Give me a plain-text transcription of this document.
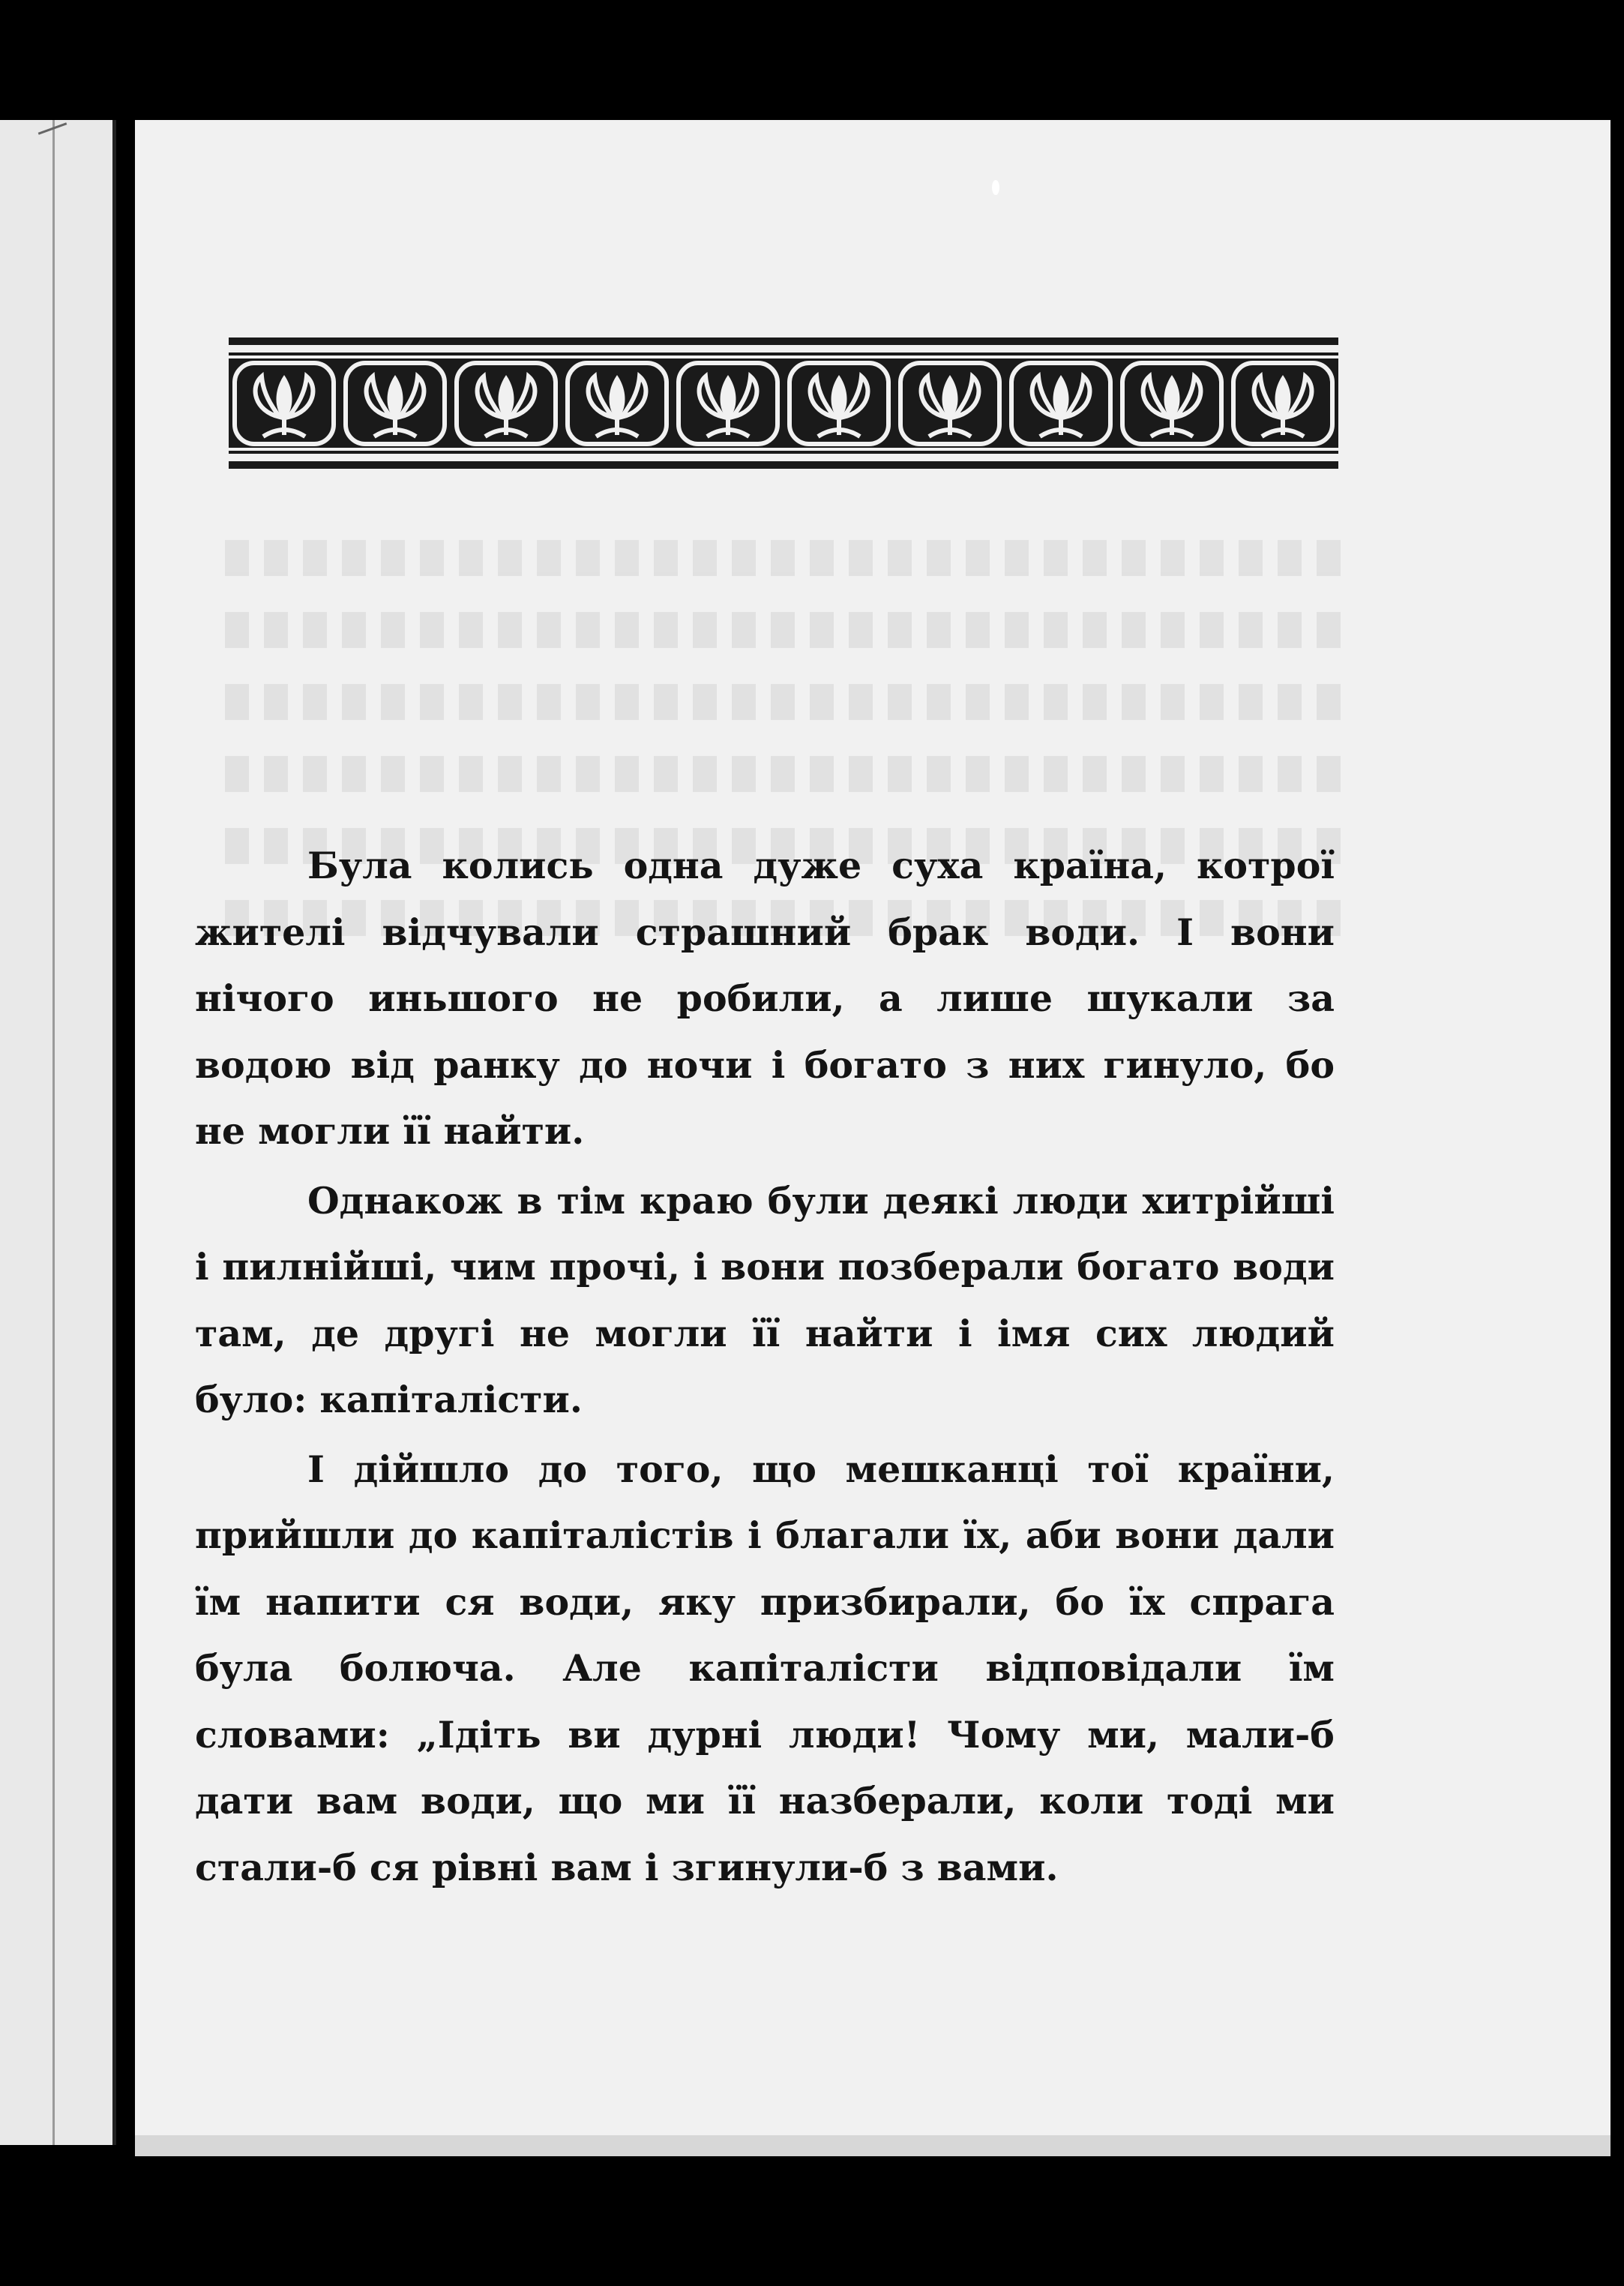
Була колись одна дуже суха країна, котрої жителі відчували страшний брак води. І вони нічого иньшого не робили, а лише шукали за водою від ранку до ночи і богато з них гинуло, бо не могли її найти.

Однакож в тім краю були деякі люди хитрійші і пилнійші, чим прочі, і вони позберали богато води там, де другі не могли її найти і імя сих людий було: капіталісти.

І дійшло до того, що мешканці тої країни, прийшли до капіталістів і благали їх, аби вони дали їм напити ся води, яку призбирали, бо їх спрага була болюча. Але капіталісти відповідали їм словами: „Ідіть ви дурні люди! Чому ми, мали-б дати вам води, що ми її назберали, коли тоді ми стали-б ся рівні вам і згинули-б з вами.
